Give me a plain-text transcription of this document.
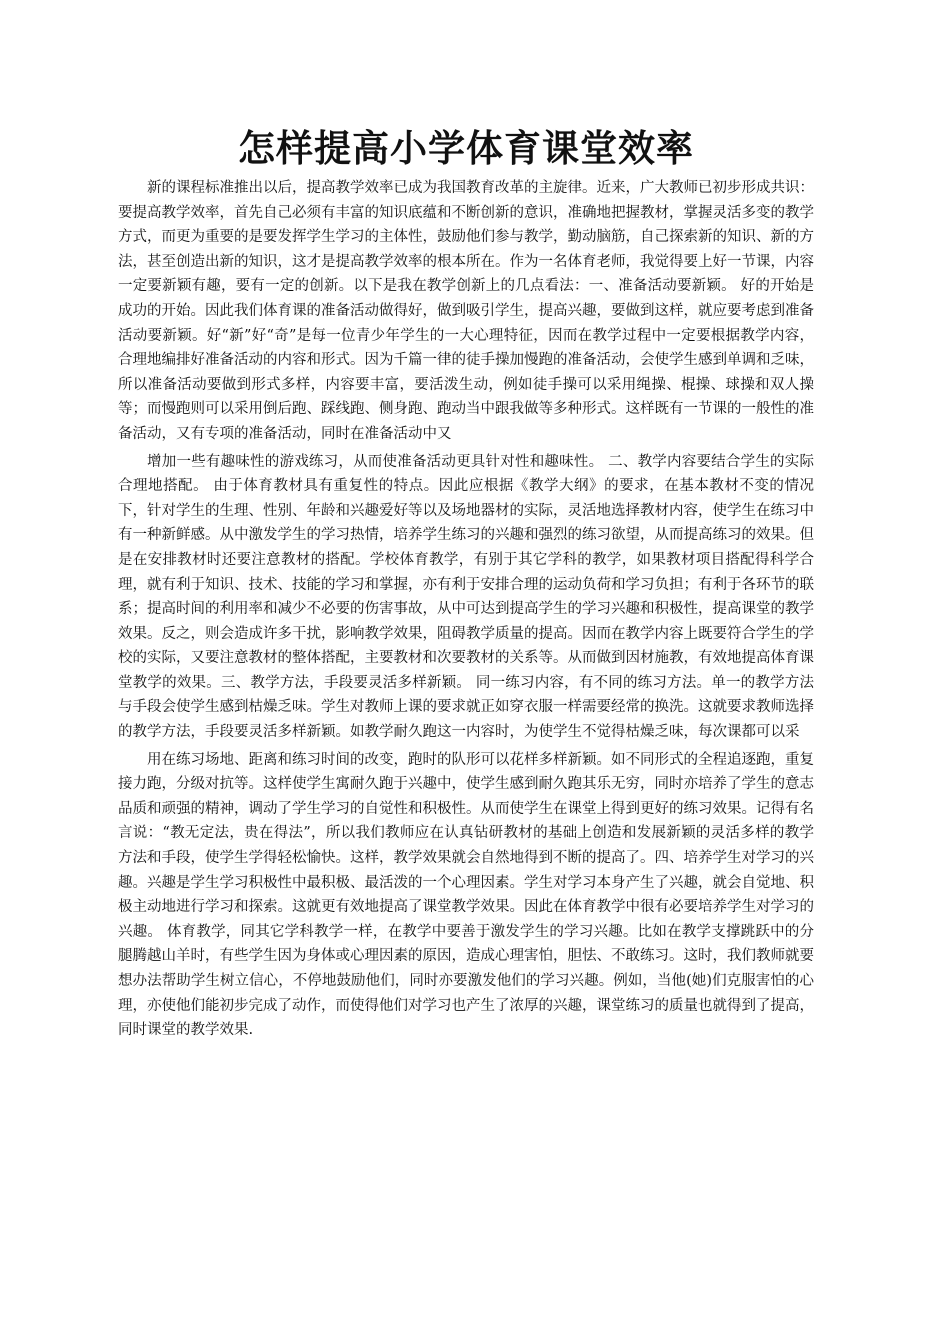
怎样提高小学体育课堂效率

新的课程标准推出以后，提高教学效率已成为我国教育改革的主旋律。近来，广大教师已初步形成共识：要提高教学效率，首先自己必须有丰富的知识底蕴和不断创新的意识，准确地把握教材，掌握灵活多变的教学方式，而更为重要的是要发挥学生学习的主体性，鼓励他们参与教学，勤动脑筋，自己探索新的知识、新的方法，甚至创造出新的知识，这才是提高教学效率的根本所在。作为一名体育老师，我觉得要上好一节课，内容一定要新颖有趣，要有一定的创新。以下是我在教学创新上的几点看法：一、准备活动要新颖。 好的开始是成功的开始。因此我们体育课的准备活动做得好，做到吸引学生，提高兴趣，要做到这样，就应要考虑到准备活动要新颖。好“新”好“奇”是每一位青少年学生的一大心理特征，因而在教学过程中一定要根据教学内容，合理地编排好准备活动的内容和形式。因为千篇一律的徒手操加慢跑的准备活动，会使学生感到单调和乏味，所以准备活动要做到形式多样，内容要丰富，要活泼生动，例如徒手操可以采用绳操、棍操、球操和双人操等；而慢跑则可以采用倒后跑、踩线跑、侧身跑、跑动当中跟我做等多种形式。这样既有一节课的一般性的准备活动，又有专项的准备活动，同时在准备活动中又

增加一些有趣味性的游戏练习，从而使准备活动更具针对性和趣味性。 二、教学内容要结合学生的实际合理地搭配。 由于体育教材具有重复性的特点。因此应根据《教学大纲》的要求，在基本教材不变的情况下，针对学生的生理、性别、年龄和兴趣爱好等以及场地器材的实际，灵活地选择教材内容，使学生在练习中有一种新鲜感。从中激发学生的学习热情，培养学生练习的兴趣和强烈的练习欲望，从而提高练习的效果。但是在安排教材时还要注意教材的搭配。学校体育教学，有别于其它学科的教学，如果教材项目搭配得科学合理，就有利于知识、技术、技能的学习和掌握，亦有利于安排合理的运动负荷和学习负担；有利于各环节的联系；提高时间的利用率和减少不必要的伤害事故，从中可达到提高学生的学习兴趣和积极性，提高课堂的教学效果。反之，则会造成许多干扰，影响教学效果，阻碍教学质量的提高。因而在教学内容上既要符合学生的学校的实际，又要注意教材的整体搭配，主要教材和次要教材的关系等。从而做到因材施教，有效地提高体育课堂教学的效果。三、教学方法，手段要灵活多样新颖。 同一练习内容，有不同的练习方法。单一的教学方法与手段会使学生感到枯燥乏味。学生对教师上课的要求就正如穿衣服一样需要经常的换洗。这就要求教师选择的教学方法，手段要灵活多样新颖。如教学耐久跑这一内容时，为使学生不觉得枯燥乏味，每次课都可以采

用在练习场地、距离和练习时间的改变，跑时的队形可以花样多样新颖。如不同形式的全程追逐跑，重复接力跑，分级对抗等。这样使学生寓耐久跑于兴趣中，使学生感到耐久跑其乐无穷，同时亦培养了学生的意志品质和顽强的精神，调动了学生学习的自觉性和积极性。从而使学生在课堂上得到更好的练习效果。记得有名言说：“教无定法，贵在得法”，所以我们教师应在认真钻研教材的基础上创造和发展新颖的灵活多样的教学方法和手段，使学生学得轻松愉快。这样，教学效果就会自然地得到不断的提高了。四、培养学生对学习的兴趣。兴趣是学生学习积极性中最积极、最活泼的一个心理因素。学生对学习本身产生了兴趣，就会自觉地、积极主动地进行学习和探索。这就更有效地提高了课堂教学效果。因此在体育教学中很有必要培养学生对学习的兴趣。 体育教学，同其它学科教学一样，在教学中要善于激发学生的学习兴趣。比如在教学支撑跳跃中的分腿腾越山羊时，有些学生因为身体或心理因素的原因，造成心理害怕，胆怯、不敢练习。这时，我们教师就要想办法帮助学生树立信心，不停地鼓励他们，同时亦要激发他们的学习兴趣。例如，当他(她)们克服害怕的心理，亦使他们能初步完成了动作，而使得他们对学习也产生了浓厚的兴趣，课堂练习的质量也就得到了提高，同时课堂的教学效果.
